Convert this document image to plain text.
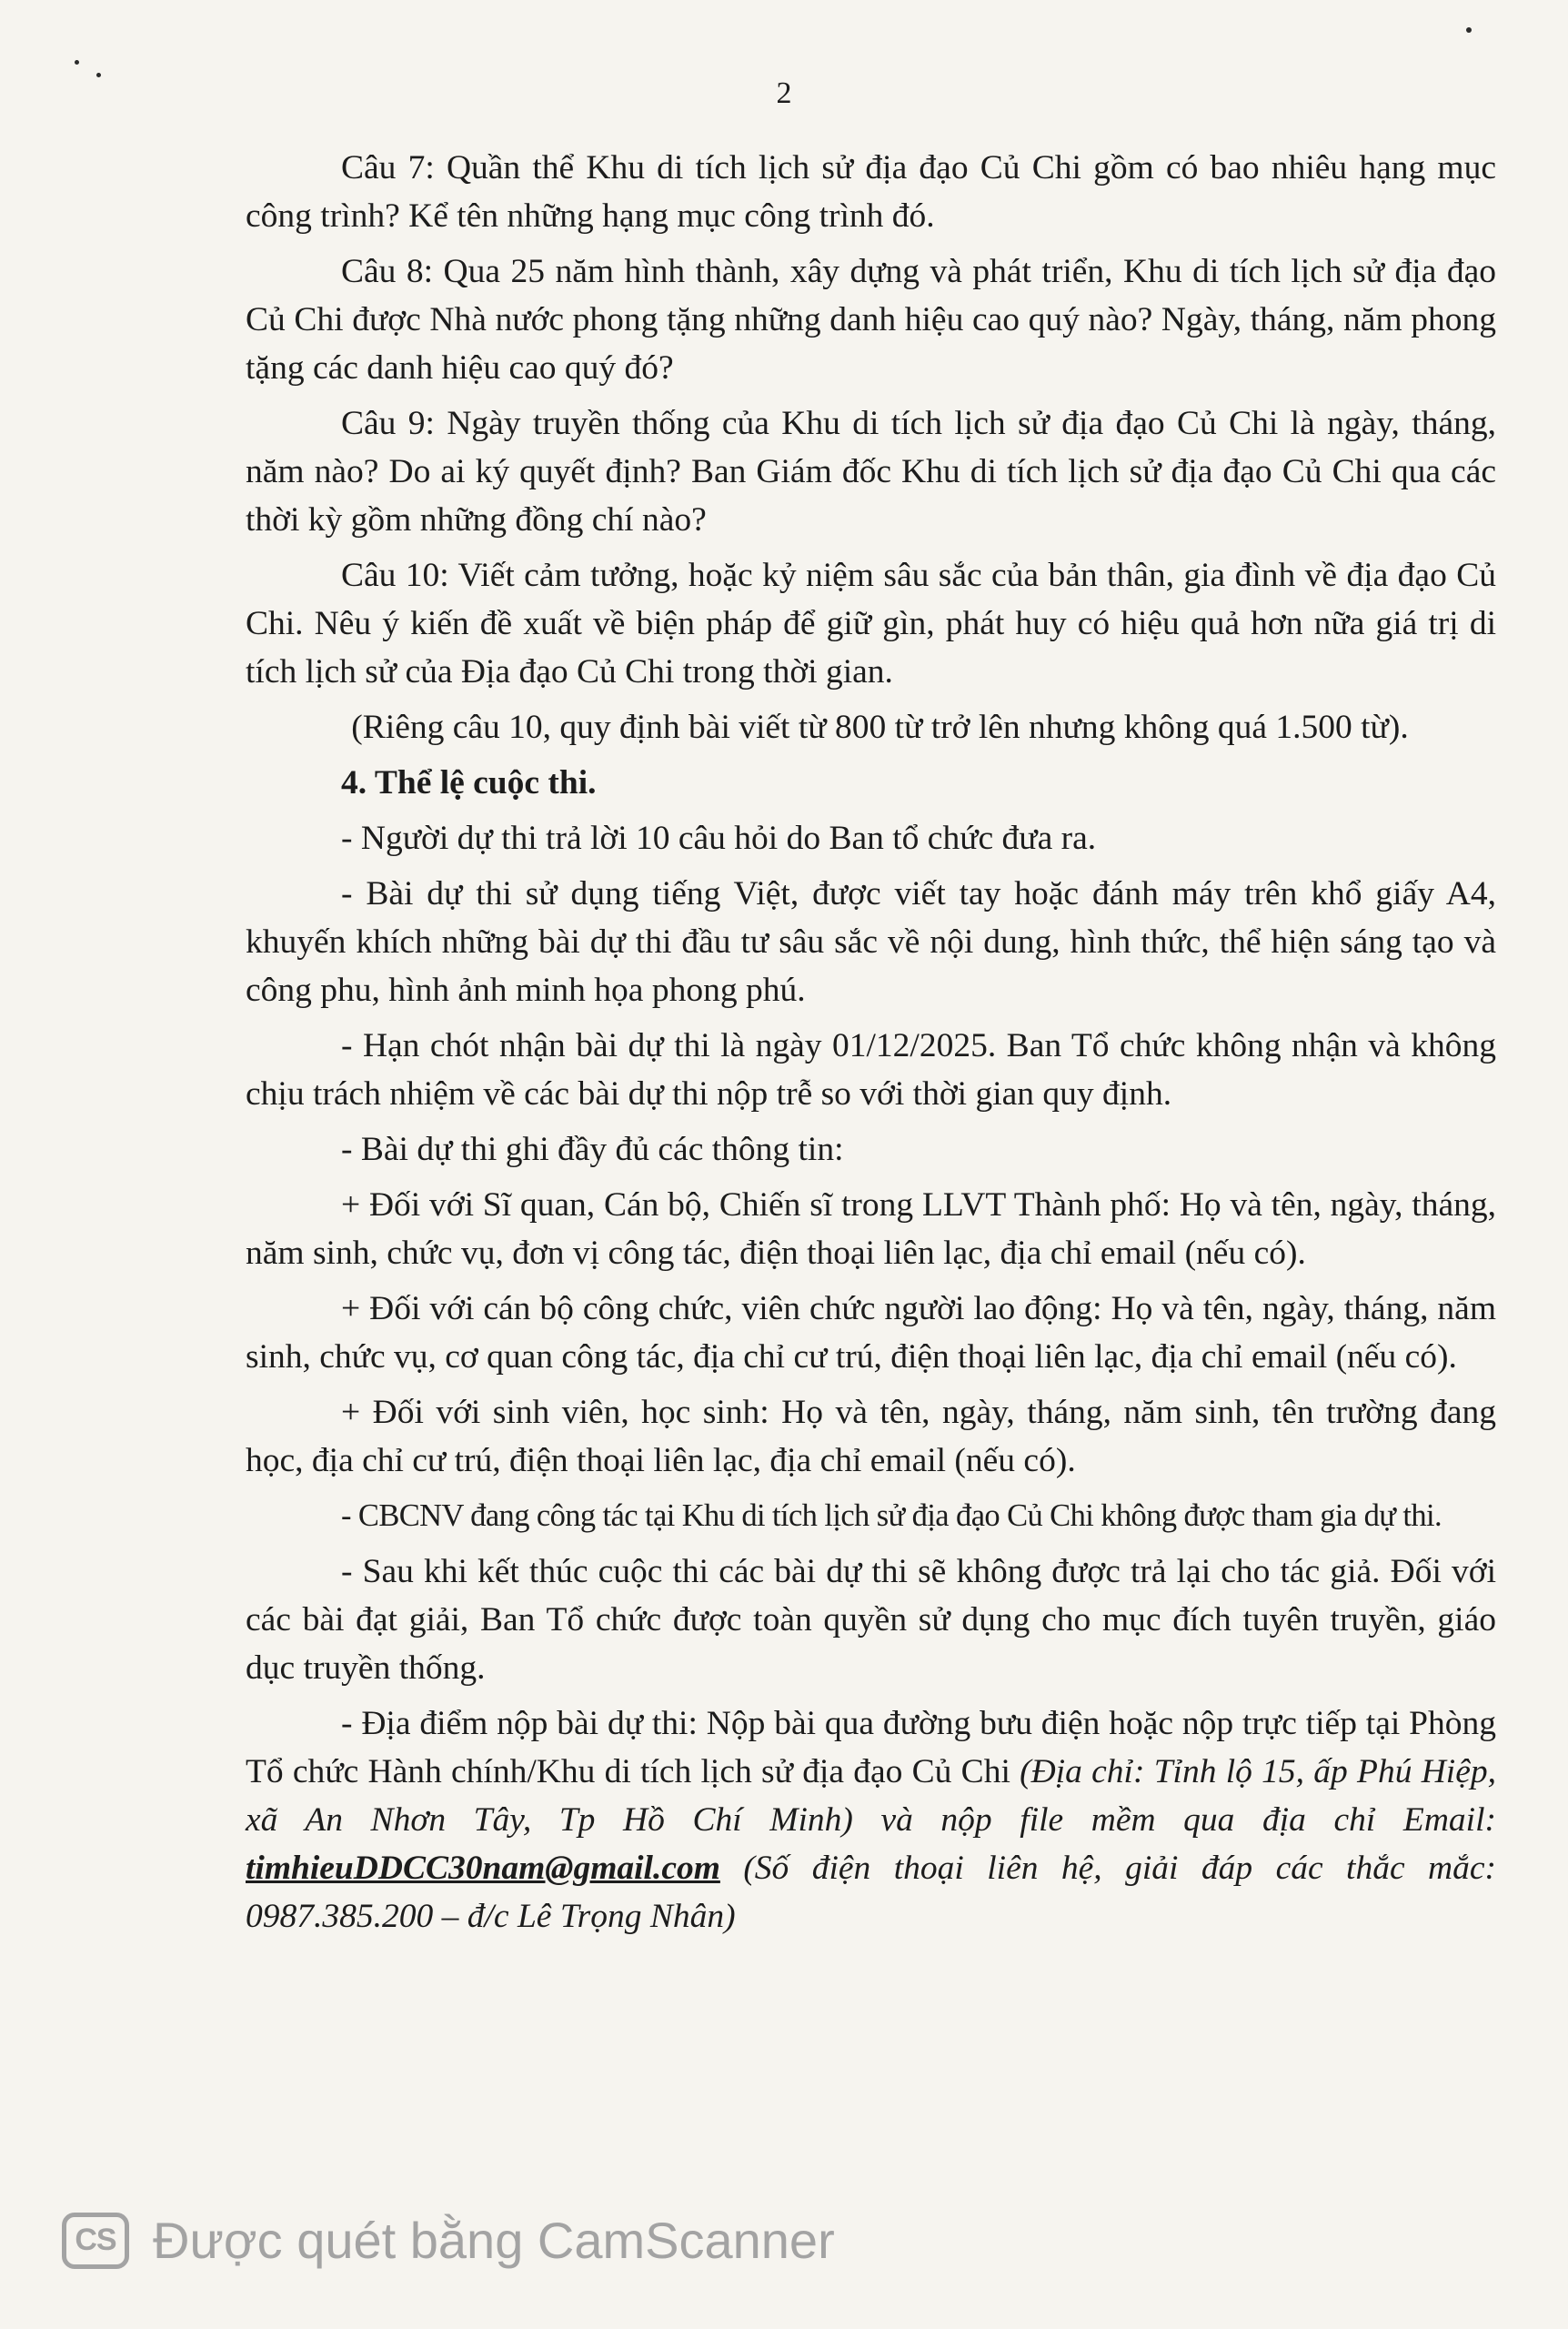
2

Câu 7: Quần thể Khu di tích lịch sử địa đạo Củ Chi gồm có bao nhiêu hạng mục công trình? Kể tên những hạng mục công trình đó.

Câu 8: Qua 25 năm hình thành, xây dựng và phát triển, Khu di tích lịch sử địa đạo Củ Chi được Nhà nước phong tặng những danh hiệu cao quý nào? Ngày, tháng, năm phong tặng các danh hiệu cao quý đó?

Câu 9: Ngày truyền thống của Khu di tích lịch sử địa đạo Củ Chi là ngày, tháng, năm nào? Do ai ký quyết định? Ban Giám đốc Khu di tích lịch sử địa đạo Củ Chi qua các thời kỳ gồm những đồng chí nào?

Câu 10: Viết cảm tưởng, hoặc kỷ niệm sâu sắc của bản thân, gia đình về địa đạo Củ Chi. Nêu ý kiến đề xuất về biện pháp để giữ gìn, phát huy có hiệu quả hơn nữa giá trị di tích lịch sử của Địa đạo Củ Chi trong thời gian.

(Riêng câu 10, quy định bài viết từ 800 từ trở lên nhưng không quá 1.500 từ).

4. Thể lệ cuộc thi.

- Người dự thi trả lời 10 câu hỏi do Ban tổ chức đưa ra.

- Bài dự thi sử dụng tiếng Việt, được viết tay hoặc đánh máy trên khổ giấy A4, khuyến khích những bài dự thi đầu tư sâu sắc về nội dung, hình thức, thể hiện sáng tạo và công phu, hình ảnh minh họa phong phú.

- Hạn chót nhận bài dự thi là ngày 01/12/2025. Ban Tổ chức không nhận và không chịu trách nhiệm về các bài dự thi nộp trễ so với thời gian quy định.

- Bài dự thi ghi đầy đủ các thông tin:

+ Đối với Sĩ quan, Cán bộ, Chiến sĩ trong LLVT Thành phố: Họ và tên, ngày, tháng, năm sinh, chức vụ, đơn vị công tác, điện thoại liên lạc, địa chỉ email (nếu có).

+ Đối với cán bộ công chức, viên chức người lao động: Họ và tên, ngày, tháng, năm sinh, chức vụ, cơ quan công tác, địa chỉ cư trú, điện thoại liên lạc, địa chỉ email (nếu có).

+ Đối với sinh viên, học sinh: Họ và tên, ngày, tháng, năm sinh, tên trường đang học, địa chỉ cư trú, điện thoại liên lạc, địa chỉ email (nếu có).

- CBCNV đang công tác tại Khu di tích lịch sử địa đạo Củ Chi không được tham gia dự thi.

- Sau khi kết thúc cuộc thi các bài dự thi sẽ không được trả lại cho tác giả. Đối với các bài đạt giải, Ban Tổ chức được toàn quyền sử dụng cho mục đích tuyên truyền, giáo dục truyền thống.

- Địa điểm nộp bài dự thi: Nộp bài qua đường bưu điện hoặc nộp trực tiếp tại Phòng Tổ chức Hành chính/Khu di tích lịch sử địa đạo Củ Chi (Địa chỉ: Tỉnh lộ 15, ấp Phú Hiệp, xã An Nhơn Tây, Tp Hồ Chí Minh) và nộp file mềm qua địa chỉ Email: timhieuDDCC30nam@gmail.com (Số điện thoại liên hệ, giải đáp các thắc mắc: 0987.385.200 – đ/c Lê Trọng Nhân)

CS Được quét bằng CamScanner
